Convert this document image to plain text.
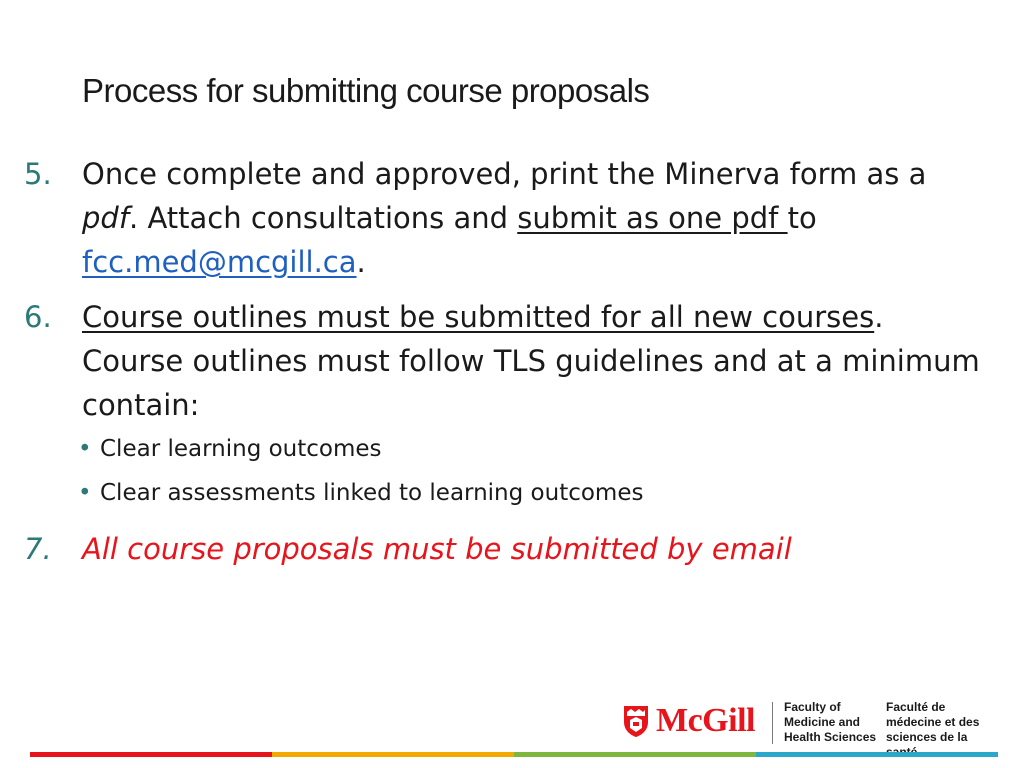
Process for submitting course proposals
5. Once complete and approved, print the Minerva form as a pdf. Attach consultations and submit as one pdf to
fcc.med@mcgill.ca.
6. Course outlines must be submitted for all new courses. Course outlines must follow TLS guidelines and at a minimum contain:
• Clear learning outcomes
• Clear assessments linked to learning outcomes
7. All course proposals must be submitted by email
McGill Faculty of
Medicine and
Health Sciences
Faculté de
médecine et des
sciences de la
